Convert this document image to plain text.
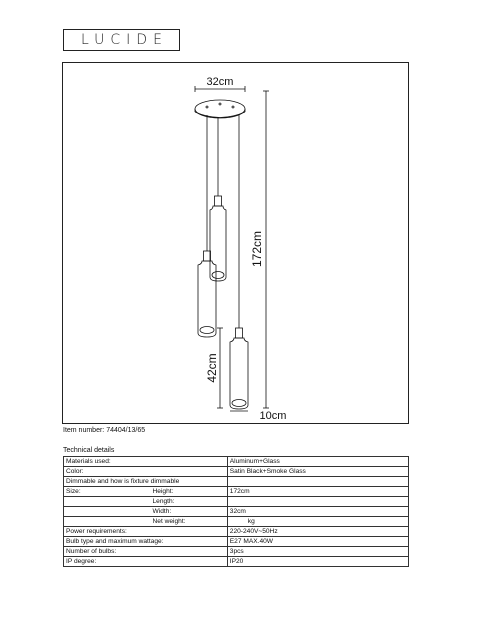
LUCIDE
32cm
172cm
42cm
10cm
Item number: 74404/13/65
Technical details
Materials used:		Aluminum+Glass
Color:		Satin Black+Smoke Glass
Dimmable and how is fixture dimmable		
Size:	Height:	172cm
	Length:	
	Width:	32cm
	Net weight:	kg
Power requirements:		220-240V~50Hz
Bulb type and maximum wattage:		E27 MAX.40W
Number of bulbs:		3pcs
IP degree:		IP20
